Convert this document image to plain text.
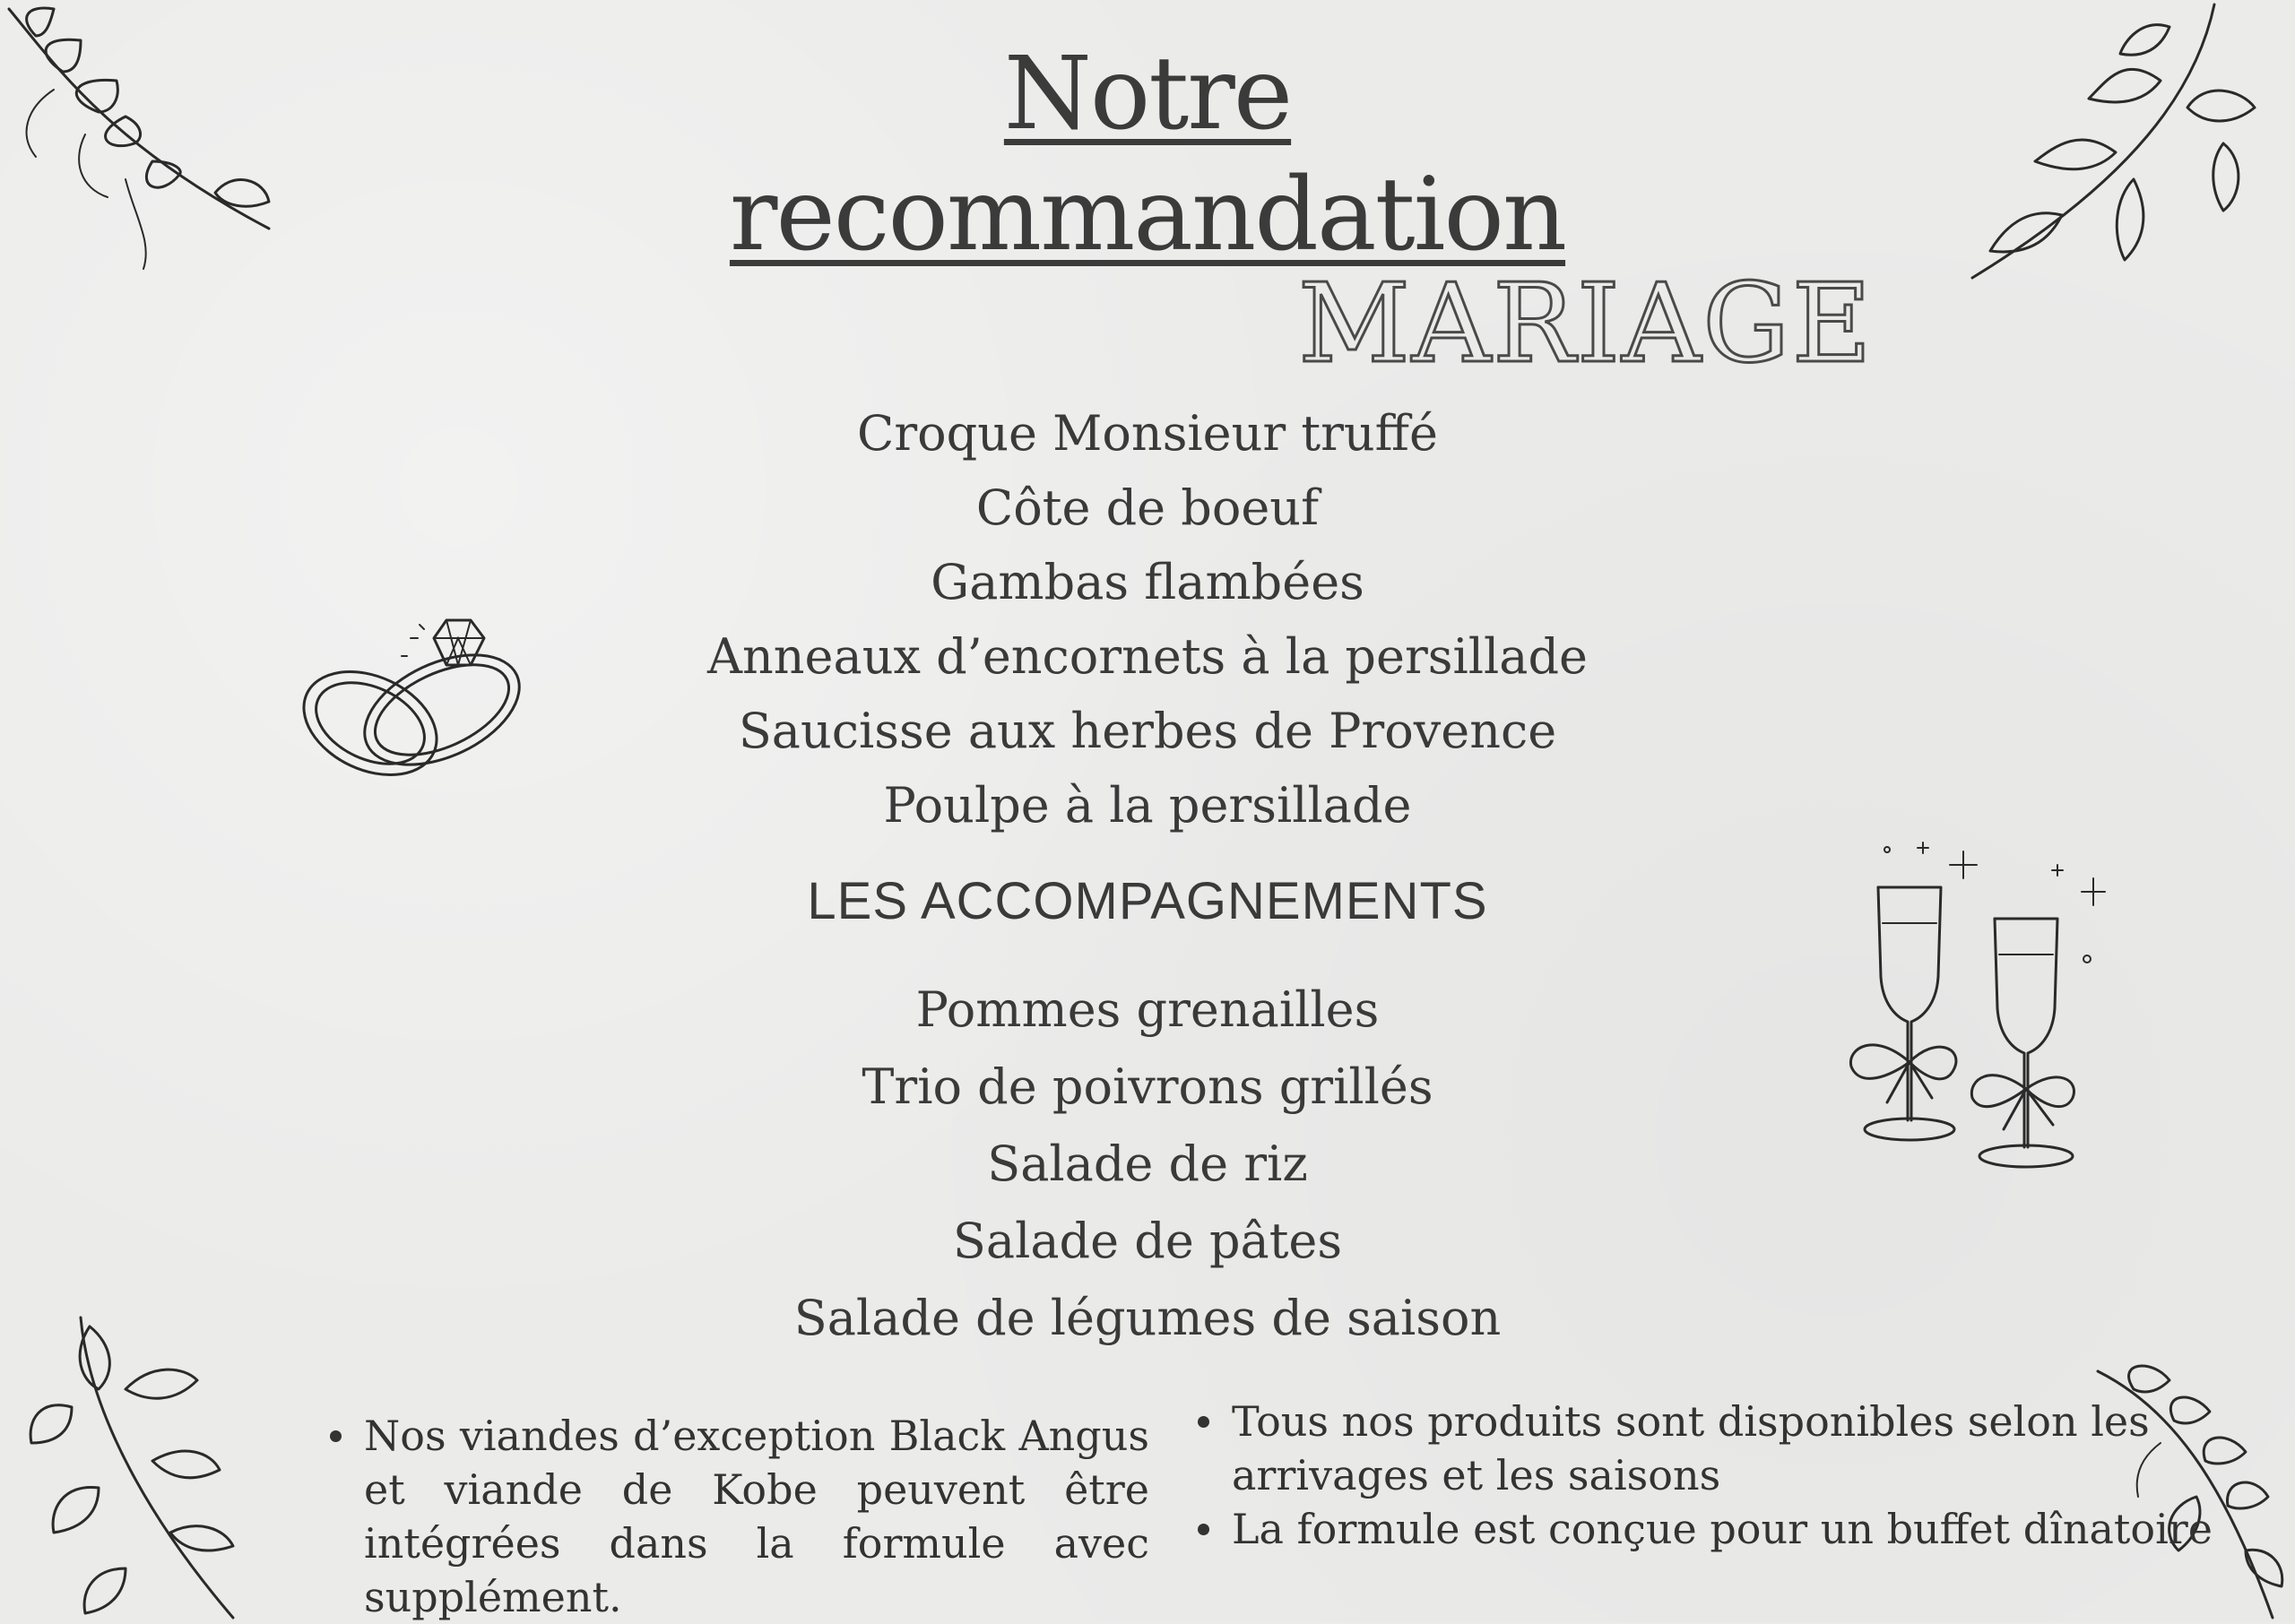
Notre
recommandation
MARIAGE
Croque Monsieur truffé
Côte de boeuf
Gambas flambées
Anneaux d’encornets à la persillade
Saucisse aux herbes de Provence
Poulpe à la persillade
LES ACCOMPAGNEMENTS
Pommes grenailles
Trio de poivrons grillés
Salade de riz
Salade de pâtes
Salade de légumes de saison
Nos viandes d’exception Black Angus et viande de Kobe peuvent être intégrées dans la formule avec supplément.
Tous nos produits sont disponibles selon les arrivages et les saisons
La formule est conçue pour un buffet dînatoire
